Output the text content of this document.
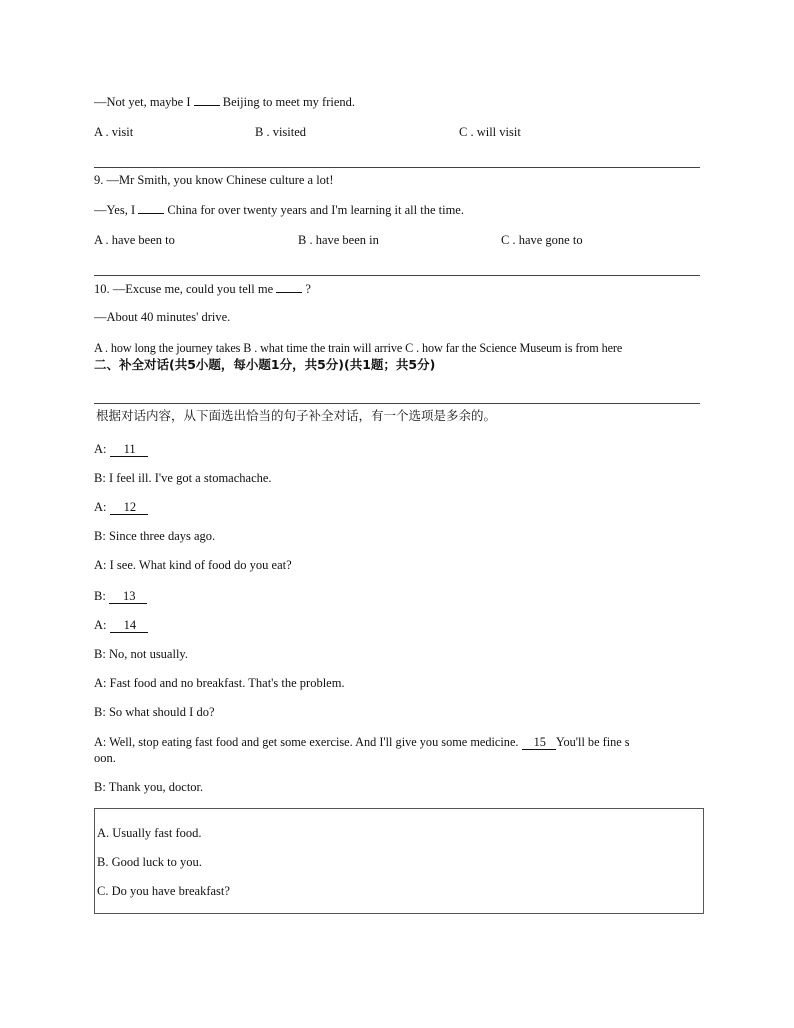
—Not yet, maybe I	Beijing to meet my friend.
A . visit	B . visited	C . will visit
9. —Mr Smith, you know Chinese culture a lot!
—Yes, I	China for over twenty years and I'm learning it all the time.
A . have been to	B . have been in	C . have gone to
10. —Excuse me, could you tell me	?
—About 40 minutes' drive.
A . how long the journey takes B . what time the train will arrive C . how far the Science Museum is from here
二、补全对话(共5小题，每小题1分，共5分)(共1题；共5分)
根据对话内容，从下面选出恰当的句子补全对话，有一个选项是多余的。
A: 11
B: I feel ill. I've got a stomachache.
A: 12
B: Since three days ago.
A: I see. What kind of food do you eat?
B: 13
A: 14
B: No, not usually.
A: Fast food and no breakfast. That's the problem.
B: So what should I do?
A: Well, stop eating fast food and get some exercise. And I'll give you some medicine. 15 You'll be fine s
oon.
B: Thank you, doctor.
A. Usually fast food.
B. Good luck to you.
C. Do you have breakfast?
